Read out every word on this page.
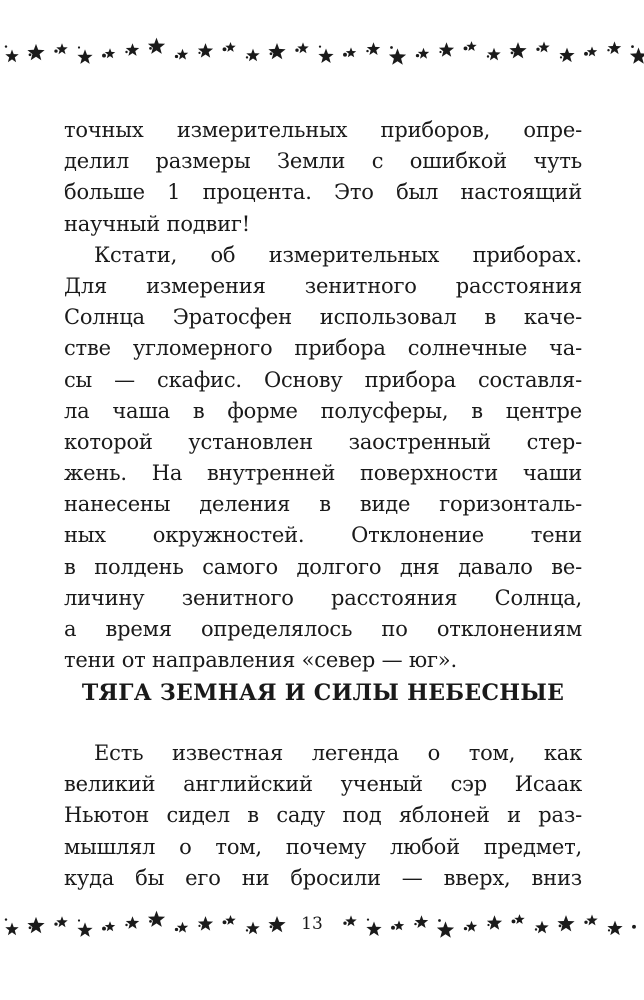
точных измерительных приборов, опре-
делил размеры Земли с ошибкой чуть
больше 1 процента. Это был настоящий
научный подвиг!
Кстати, об измерительных приборах.
Для измерения зенитного расстояния
Солнца Эратосфен использовал в каче-
стве угломерного прибора солнечные ча-
сы — скафис. Основу прибора составля-
ла чаша в форме полусферы, в центре
которой установлен заостренный стер-
жень. На внутренней поверхности чаши
нанесены деления в виде горизонталь-
ных окружностей. Отклонение тени
в полдень самого долгого дня давало ве-
личину зенитного расстояния Солнца,
а время определялось по отклонениям
тени от направления «север — юг».
ТЯГА ЗЕМНАЯ И СИЛЫ НЕБЕСНЫЕ
Есть известная легенда о том, как
великий английский ученый сэр Исаак
Ньютон сидел в саду под яблоней и раз-
мышлял о том, почему любой предмет,
куда бы его ни бросили — вверх, вниз
13
